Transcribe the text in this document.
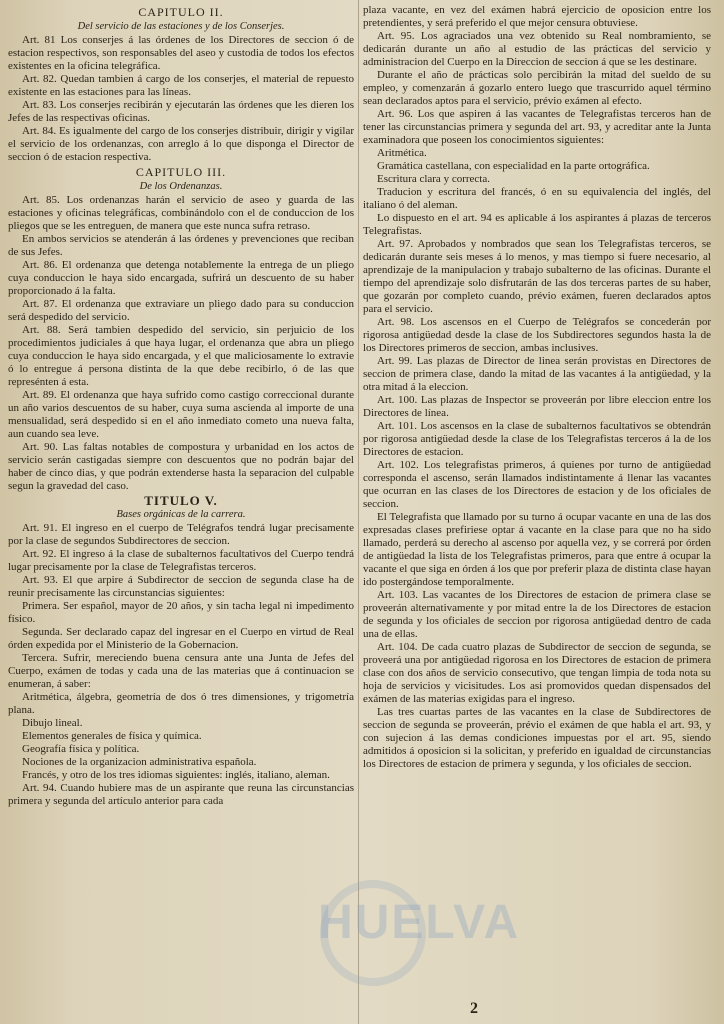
CAPITULO II.

Del servicio de las estaciones y de los Conserjes.

Art. 81 Los conserjes á las órdenes de los Directores de seccion ó de estacion respectivos, son responsables del aseo y custodia de todos los efectos existentes en la oficina telegráfica.

Art. 82. Quedan tambien á cargo de los conserjes, el material de repuesto existente en las estaciones para las líneas.

Art. 83. Los conserjes recibirán y ejecutarán las órdenes que les dieren los Jefes de las respectivas oficinas.

Art. 84. Es igualmente del cargo de los conserjes distribuir, dirigir y vigilar el servicio de los ordenanzas, con arreglo á lo que disponga el Director de seccion ó de estacion respectiva.

CAPITULO III.

De los Ordenanzas.

Art. 85. Los ordenanzas harán el servicio de aseo y guarda de las estaciones y oficinas telegráficas, combinándolo con el de conduccion de los pliegos que se les entreguen, de manera que este nunca sufra retraso.

En ambos servicios se atenderán á las órdenes y prevenciones que reciban de sus Jefes.

Art. 86. El ordenanza que detenga notablemente la entrega de un pliego cuya conduccion le haya sido encargada, sufrirá un descuento de su haber proporcionado á la falta.

Art. 87. El ordenanza que extraviare un pliego dado para su conduccion será despedido del servicio.

Art. 88. Será tambien despedido del servicio, sin perjuicio de los procedimientos judiciales á que haya lugar, el ordenanza que abra un pliego cuya conduccion le haya sido encargada, y el que maliciosamente lo extravie ó lo entregue á persona distinta de la que debe recibirlo, ó de las que represénten á esta.

Art. 89. El ordenanza que haya sufrido como castigo correccional durante un año varios descuentos de su haber, cuya suma ascienda al importe de una mensualidad, será despedido si en el año inmediato cometo una nueva falta, aun cuando sea leve.

Art. 90. Las faltas notables de compostura y urbanidad en los actos de servicio serán castigadas siempre con descuentos que no podrán bajar del haber de cinco dias, y que podrán extenderse hasta la separacion del culpable segun la gravedad del caso.

TITULO V.

Bases orgánicas de la carrera.

Art. 91. El ingreso en el cuerpo de Telégrafos tendrá lugar precisamente por la clase de segundos Subdirectores de seccion.

Art. 92. El ingreso á la clase de subalternos facultativos del Cuerpo tendrá lugar precisamente por la clase de Telegrafistas terceros.

Art. 93. El que arpire á Subdirector de seccion de segunda clase ha de reunir precisamente las circunstancias siguientes:

Primera. Ser español, mayor de 20 años, y sin tacha legal ni impedimento físico.

Segunda. Ser declarado capaz del ingresar en el Cuerpo en virtud de Real órden expedida por el Ministerio de la Gobernacion.

Tercera. Sufrir, mereciendo buena censura ante una Junta de Jefes del Cuerpo, exámen de todas y cada una de las materias que á continuacion se enumeran, á saber:

Aritmética, álgebra, geometría de dos ó tres dimensiones, y trigometría plana.

Dibujo lineal.

Elementos generales de física y química.

Geografía física y política.

Nociones de la organizacion administrativa española.

Francés, y otro de los tres idiomas siguientes: inglés, italiano, aleman.

Art. 94. Cuando hubiere mas de un aspirante que reuna las circunstancias primera y segunda del artículo anterior para cada

plaza vacante, en vez del exámen habrá ejercicio de oposicion entre los pretendientes, y será preferido el que mejor censura obtuviese.

Art. 95. Los agraciados una vez obtenido su Real nombramiento, se dedicarán durante un año al estudio de las prácticas del servicio y administracion del Cuerpo en la Direccion de seccion á que se les destinare.

Durante el año de prácticas solo percibirán la mitad del sueldo de su empleo, y comenzarán á gozarlo entero luego que trascurrido aquel término sean declarados aptos para el servicio, prévio exámen al efecto.

Art. 96. Los que aspiren á las vacantes de Telegrafistas terceros han de tener las circunstancias primera y segunda del art. 93, y acreditar ante la Junta examinadora que poseen los conocimientos siguientes:

Aritmética.

Gramática castellana, con especialidad en la parte ortográfica.

Escritura clara y correcta.

Traducion y escritura del francés, ó en su equivalencia del inglés, del italiano ó del aleman.

Lo dispuesto en el art. 94 es aplicable á los aspirantes á plazas de terceros Telegrafistas.

Art. 97. Aprobados y nombrados que sean los Telegrafistas terceros, se dedicarán durante seis meses á lo menos, y mas tiempo si fuere necesario, al aprendizaje de la manipulacion y trabajo subalterno de las oficinas. Durante el tiempo del aprendizaje solo disfrutarán de las dos terceras partes de su haber, que gozarán por completo cuando, prévio exámen, fueren declarados aptos para el servicio.

Art. 98. Los ascensos en el Cuerpo de Telégrafos se concederán por rigorosa antigüedad desde la clase de los Subdirectores segundos hasta la de los Directores primeros de seccion, ambas inclusives.

Art. 99. Las plazas de Director de linea serán provistas en Directores de seccion de primera clase, dando la mitad de las vacantes á la antigüedad, y la otra mitad á la eleccion.

Art. 100. Las plazas de Inspector se proveerán por libre eleccion entre los Directores de línea.

Art. 101. Los ascensos en la clase de subalternos facultativos se obtendrán por rigorosa antigüedad desde la clase de los Telegrafistas terceros á la de los Directores de estacion.

Art. 102. Los telegrafistas primeros, á quienes por turno de antigüedad corresponda el ascenso, serán llamados indistintamente á llenar las vacantes que ocurran en las clases de los Directores de estacion y de los oficiales de seccion.

El Telegrafista que llamado por su turno á ocupar vacante en una de las dos expresadas clases prefiriese optar á vacante en la clase para que no ha sido llamado, perderá su derecho al ascenso por aquella vez, y se correrá por órden de antigüedad la lista de los Telegrafistas primeros, para que entre á ocupar la vacante el que siga en órden á los que por preferir plaza de distinta clase hayan ido postergándose temporalmente.

Art. 103. Las vacantes de los Directores de estacion de primera clase se proveerán alternativamente y por mitad entre la de los Directores de estacion de segunda y los oficiales de seccion por rigorosa antigüedad dentro de cada una de ellas.

Art. 104. De cada cuatro plazas de Subdirector de seccion de segunda, se proveerá una por antigüedad rigorosa en los Directores de estacion de primera clase con dos años de servicio consecutivo, que tengan limpia de toda nota su hoja de servicios y vicisitudes. Los asi promovidos quedan dispensados del exámen de las materias exigidas para el ingreso.

Las tres cuartas partes de las vacantes en la clase de Subdirectores de seccion de segunda se proveerán, prévio el exámen de que habla el art. 93, y con sujecion á las demas condiciones impuestas por el art. 95, siendo admitidos á oposicion si la solicitan, y preferido en igualdad de circunstancias los Directores de estacion de primera y segunda, y los oficiales de seccion.

HUELVA
2
